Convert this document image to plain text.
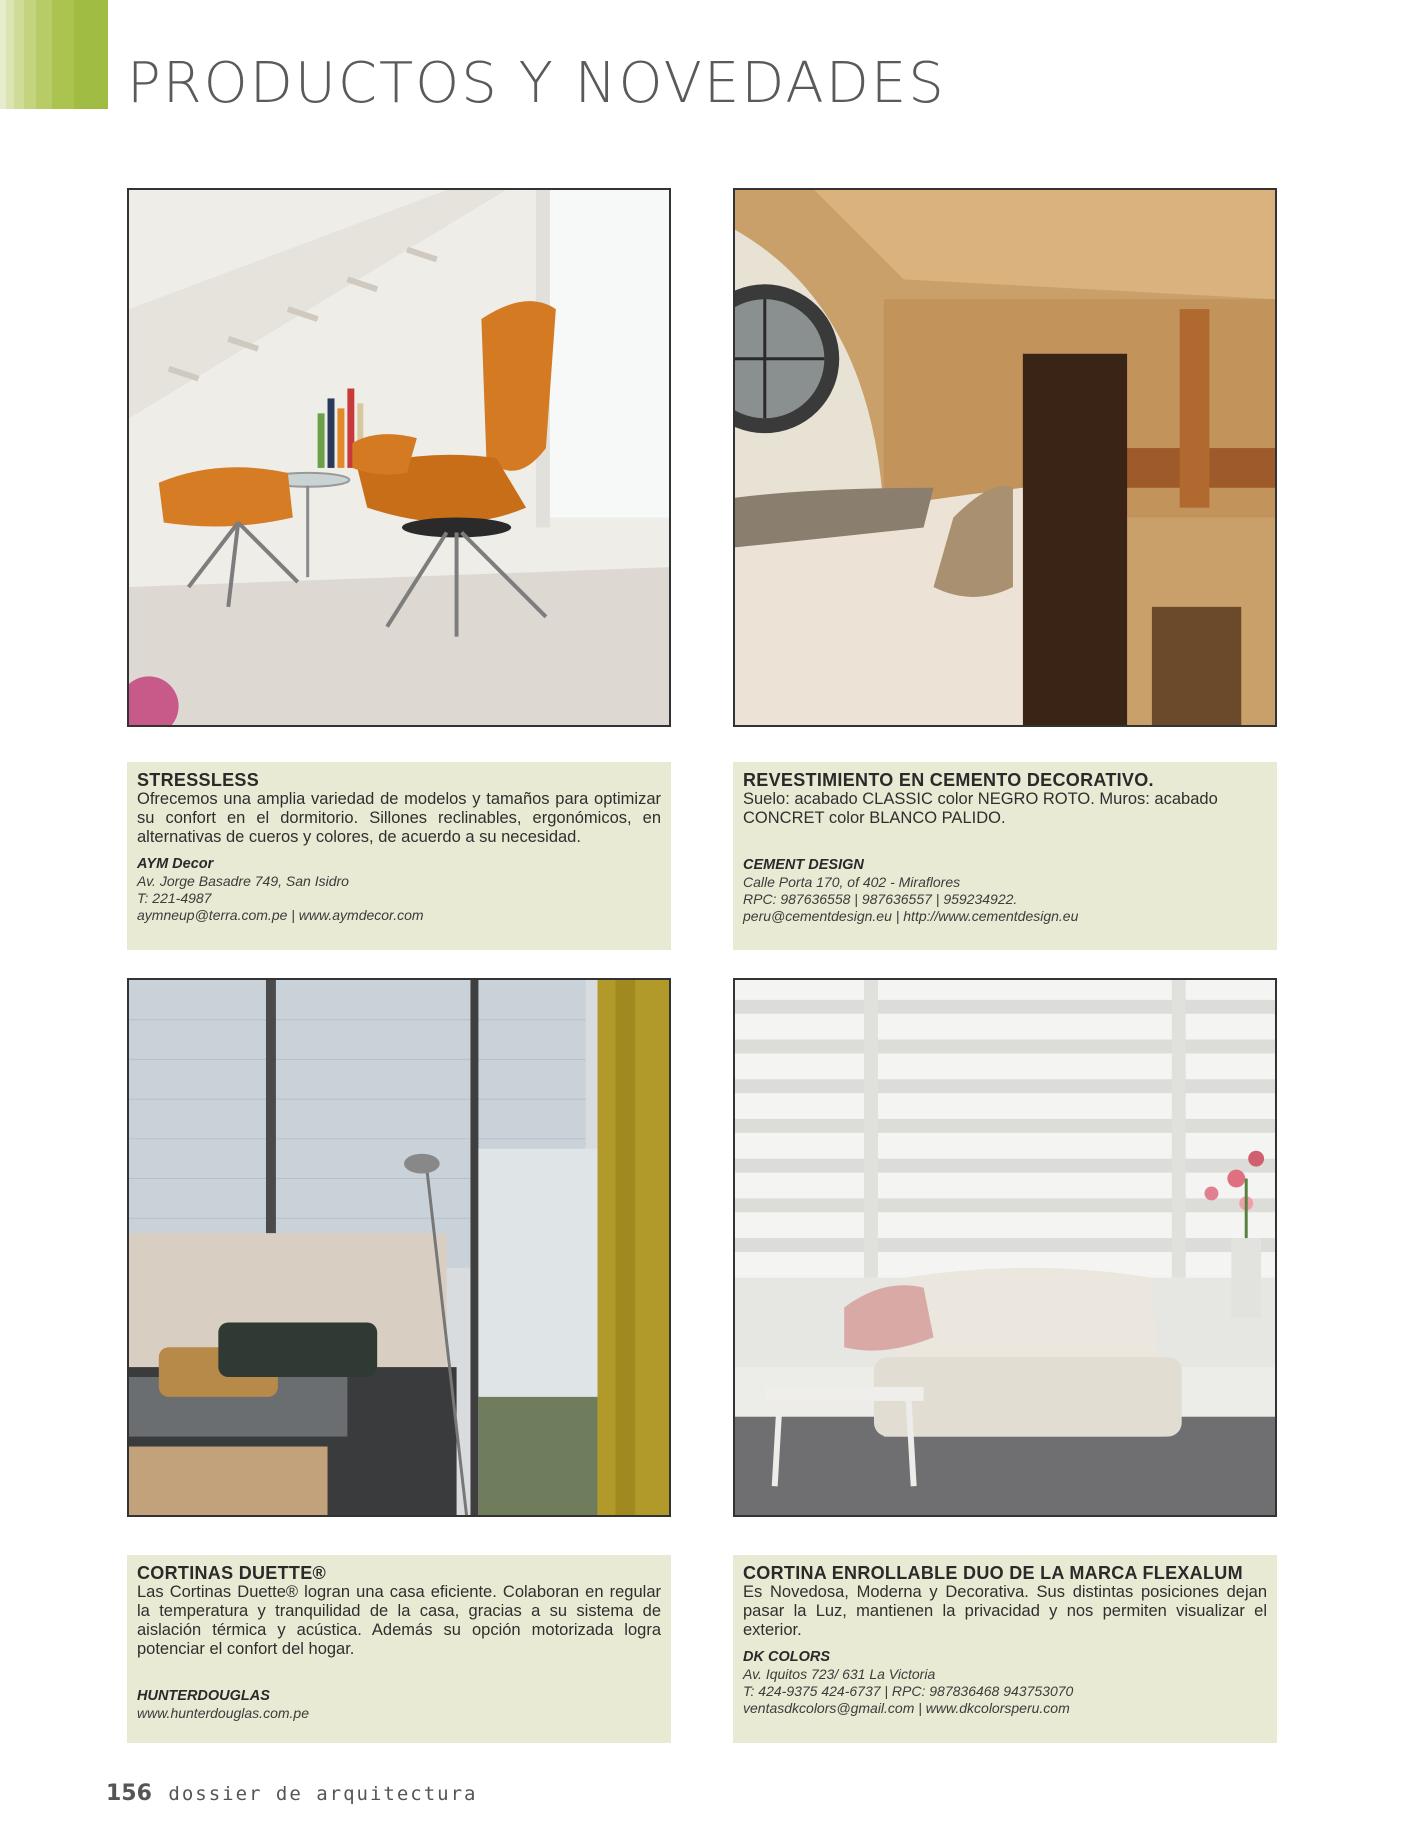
PRODUCTOS Y NOVEDADES
STRESSLESS

Ofrecemos una amplia variedad de modelos y tamaños para optimizar su confort en el dormitorio. Sillones reclinables, ergonómicos, en alternativas de cueros y colores, de acuerdo a su necesidad.

AYM Decor
Av. Jorge Basadre 749, San Isidro
T: 221-4987
aymneup@terra.com.pe | www.aymdecor.com
REVESTIMIENTO EN CEMENTO DECORATIVO.

Suelo: acabado CLASSIC color NEGRO ROTO. Muros: acabado CONCRET color BLANCO PALIDO.

CEMENT DESIGN
Calle Porta 170, of 402 - Miraflores
RPC: 987636558 | 987636557 | 959234922.
peru@cementdesign.eu | http://www.cementdesign.eu
CORTINAS DUETTE®

Las Cortinas Duette® logran una casa eficiente. Colaboran en regular la temperatura y tranquilidad de la casa, gracias a su sistema de aislación térmica y acústica. Además su opción motorizada logra potenciar el confort del hogar.

HUNTERDOUGLAS
www.hunterdouglas.com.pe
CORTINA ENROLLABLE DUO DE LA MARCA FLEXALUM

Es Novedosa, Moderna y Decorativa. Sus distintas posiciones dejan pasar la Luz, mantienen la privacidad y nos permiten visualizar el exterior.

DK COLORS
Av. Iquitos 723/ 631 La Victoria
T: 424-9375 424-6737 | RPC: 987836468 943753070
ventasdkcolors@gmail.com | www.dkcolorsperu.com
156 dossier de arquitectura
